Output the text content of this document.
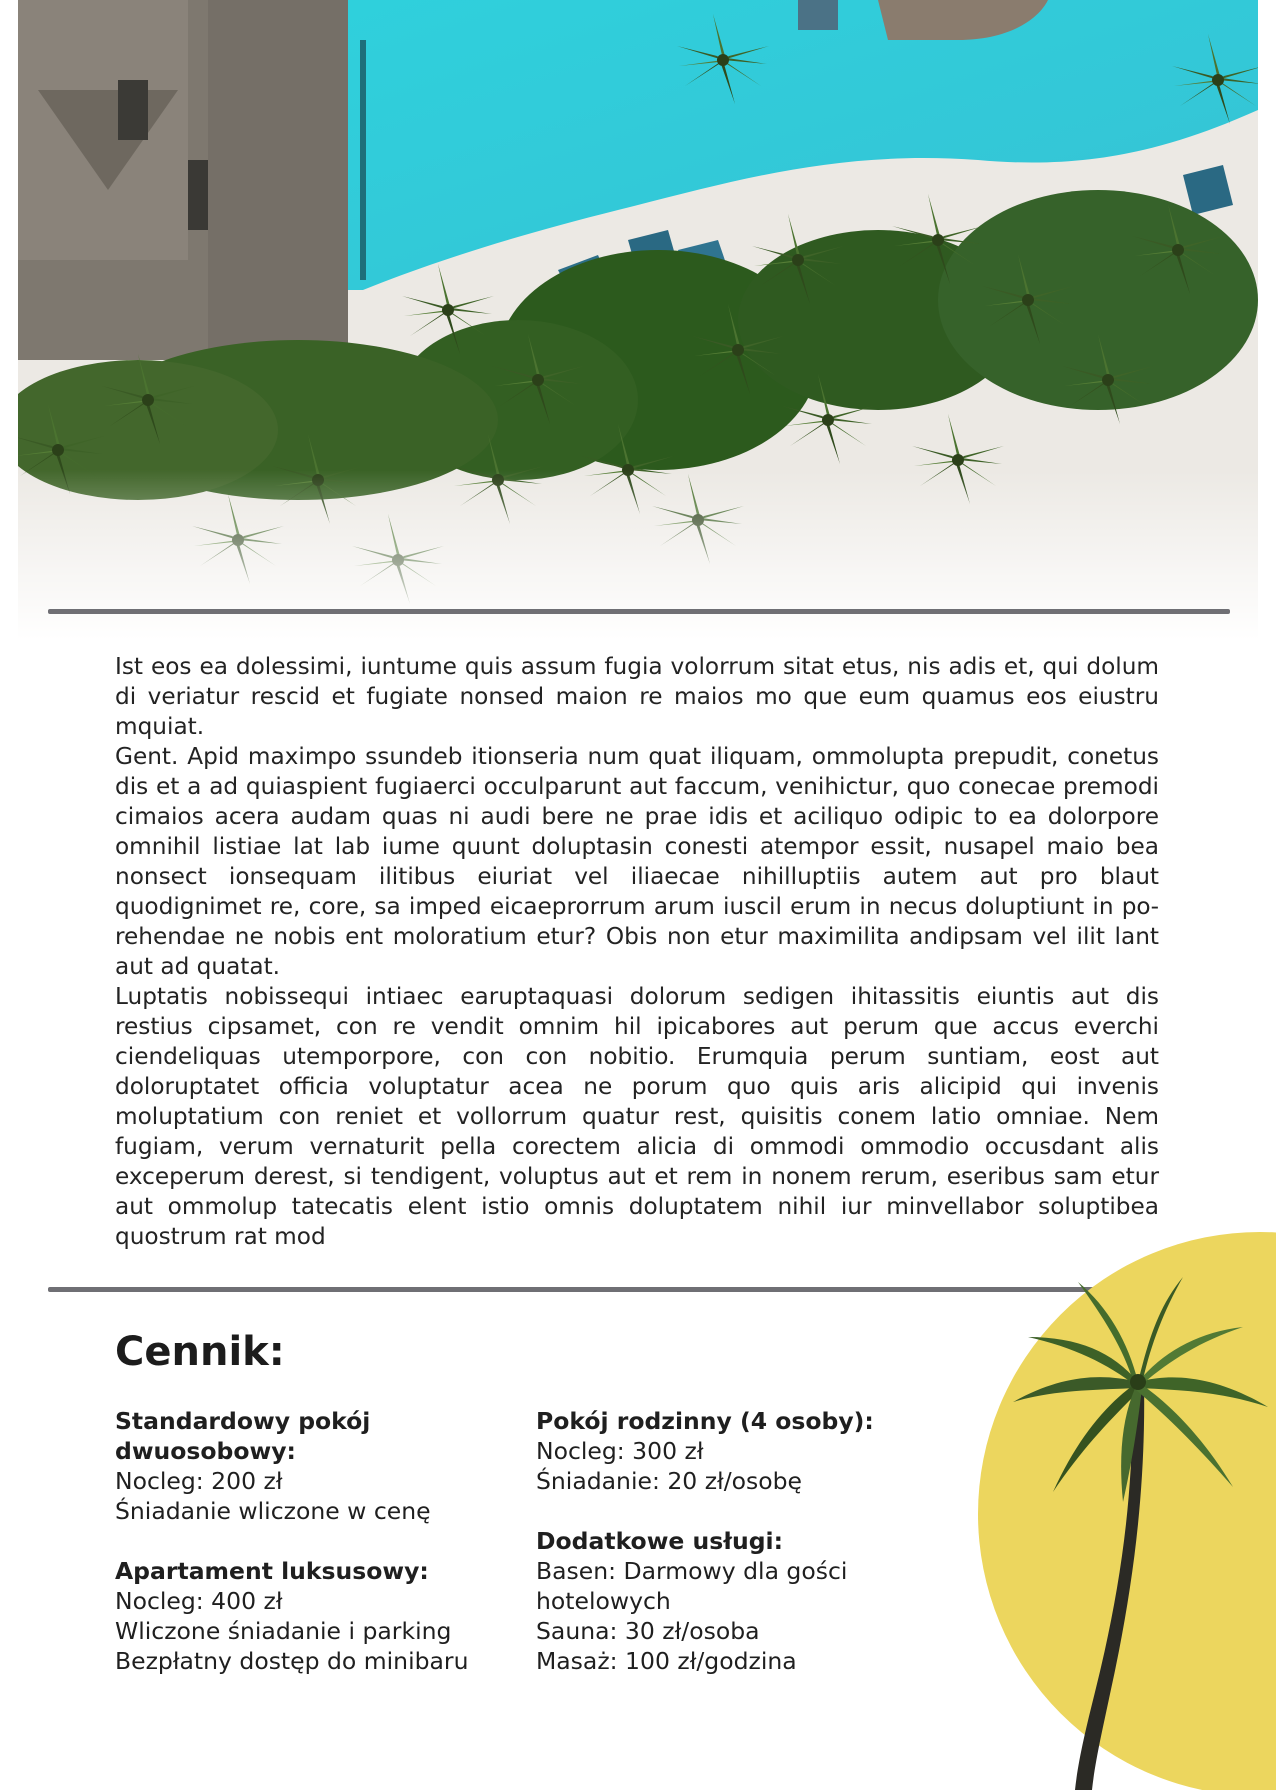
Ist eos ea dolessimi, iuntume quis assum fugia volorrum sitat etus, nis adis et, qui dolum di veriatur rescid et fugiate nonsed maion re maios mo que eum quamus eos eiustru mquiat.

Gent. Apid maximpo ssundeb itionseria num quat iliquam, ommolupta prepudit, conetus dis et a ad quiaspient fugiaerci occulparunt aut faccum, venihictur, quo conecae premodi cimaios acera audam quas ni audi bere ne prae idis et aciliquo odipic to ea dolorpore omnihil listiae lat lab iume quunt doluptasin conesti atempor essit, nusapel maio bea nonsect ionsequam ilitibus eiuriat vel iliaecae nihilluptiis autem aut pro blaut quodignimet re, core, sa imped eicaeprorrum arum iuscil erum in necus doluptiunt in porehendae ne nobis ent moloratium etur? Obis non etur maximilita andipsam vel ilit lant aut ad quatat.

Luptatis nobissequi intiaec earuptaquasi dolorum sedigen ihitassitis eiuntis aut dis restius cipsamet, con re vendit omnim hil ipicabores aut perum que accus everchi ciendeliquas utemporpore, con con nobitio. Erumquia perum suntiam, eost aut doloruptatet officia voluptatur acea ne porum quo quis aris alicipid qui invenis moluptatium con reniet et vollorrum quatur rest, quisitis conem latio omniae. Nem fugiam, verum vernaturit pella corectem alicia di ommodi ommodio occusdant alis exceperum derest, si tendigent, voluptus aut et rem in nonem rerum, eseribus sam etur aut ommolup tatecatis elent istio omnis doluptatem nihil iur minvellabor soluptibea quostrum rat mod

Cennik:
Standardowy pokój dwuosobowy:
Nocleg: 200 zł
Śniadanie wliczone w cenę
Apartament luksusowy:
Nocleg: 400 zł
Wliczone śniadanie i parking
Bezpłatny dostęp do minibaru
Pokój rodzinny (4 osoby):
Nocleg: 300 zł
Śniadanie: 20 zł/osobę
Dodatkowe usługi:
Basen: Darmowy dla gości hotelowych
Sauna: 30 zł/osoba
Masaż: 100 zł/godzina
